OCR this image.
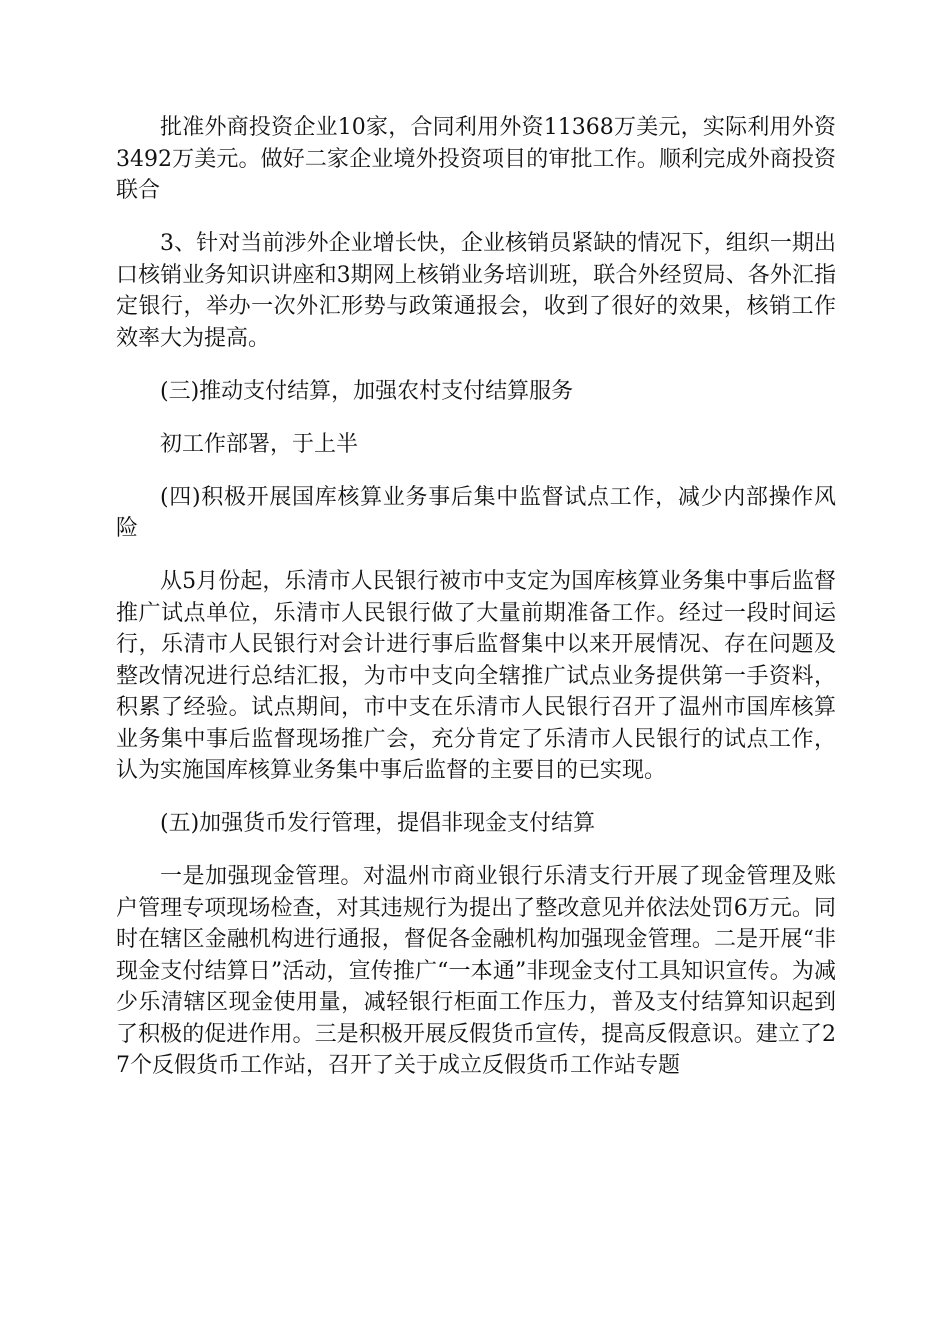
批准外商投资企业10家，合同利用外资11368万美元，实际利用外资3492万美元。做好二家企业境外投资项目的审批工作。顺利完成外商投资联合

3、针对当前涉外企业增长快，企业核销员紧缺的情况下，组织一期出口核销业务知识讲座和3期网上核销业务培训班，联合外经贸局、各外汇指定银行，举办一次外汇形势与政策通报会，收到了很好的效果，核销工作效率大为提高。

(三)推动支付结算，加强农村支付结算服务

初工作部署，于上半

(四)积极开展国库核算业务事后集中监督试点工作，减少内部操作风险

从5月份起，乐清市人民银行被市中支定为国库核算业务集中事后监督推广试点单位，乐清市人民银行做了大量前期准备工作。经过一段时间运行，乐清市人民银行对会计进行事后监督集中以来开展情况、存在问题及整改情况进行总结汇报，为市中支向全辖推广试点业务提供第一手资料，积累了经验。试点期间，市中支在乐清市人民银行召开了温州市国库核算业务集中事后监督现场推广会，充分肯定了乐清市人民银行的试点工作，认为实施国库核算业务集中事后监督的主要目的已实现。

(五)加强货币发行管理，提倡非现金支付结算

一是加强现金管理。对温州市商业银行乐清支行开展了现金管理及账户管理专项现场检查，对其违规行为提出了整改意见并依法处罚6万元。同时在辖区金融机构进行通报，督促各金融机构加强现金管理。二是开展“非现金支付结算日”活动，宣传推广“一本通”非现金支付工具知识宣传。为减少乐清辖区现金使用量，减轻银行柜面工作压力，普及支付结算知识起到了积极的促进作用。三是积极开展反假货币宣传，提高反假意识。建立了27个反假货币工作站，召开了关于成立反假货币工作站专题
